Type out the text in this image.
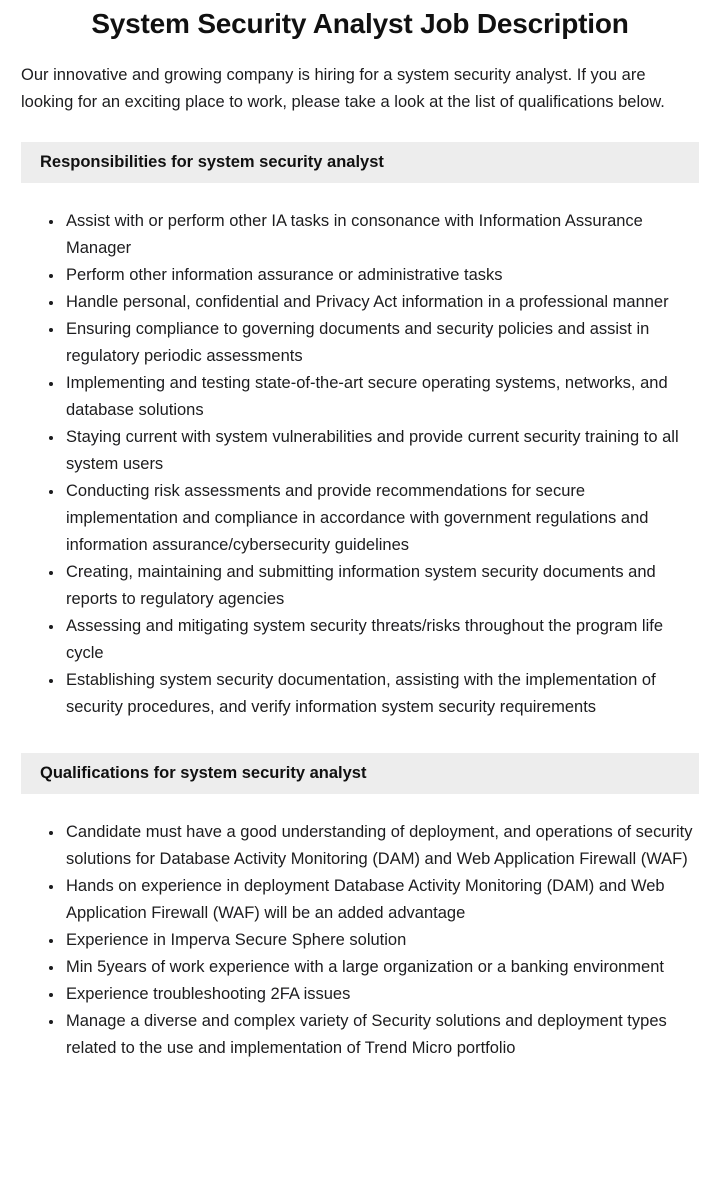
System Security Analyst Job Description

Our innovative and growing company is hiring for a system security analyst. If you are looking for an exciting place to work, please take a look at the list of qualifications below.

Responsibilities for system security analyst
• Assist with or perform other IA tasks in consonance with Information Assurance Manager
• Perform other information assurance or administrative tasks
• Handle personal, confidential and Privacy Act information in a professional manner
• Ensuring compliance to governing documents and security policies and assist in regulatory periodic assessments
• Implementing and testing state-of-the-art secure operating systems, networks, and database solutions
• Staying current with system vulnerabilities and provide current security training to all system users
• Conducting risk assessments and provide recommendations for secure implementation and compliance in accordance with government regulations and information assurance/cybersecurity guidelines
• Creating, maintaining and submitting information system security documents and reports to regulatory agencies
• Assessing and mitigating system security threats/risks throughout the program life cycle
• Establishing system security documentation, assisting with the implementation of security procedures, and verify information system security requirements
Qualifications for system security analyst
• Candidate must have a good understanding of deployment, and operations of security solutions for Database Activity Monitoring (DAM) and Web Application Firewall (WAF)
• Hands on experience in deployment Database Activity Monitoring (DAM) and Web Application Firewall (WAF) will be an added advantage
• Experience in Imperva Secure Sphere solution
• Min 5years of work experience with a large organization or a banking environment
• Experience troubleshooting 2FA issues
• Manage a diverse and complex variety of Security solutions and deployment types related to the use and implementation of Trend Micro portfolio
